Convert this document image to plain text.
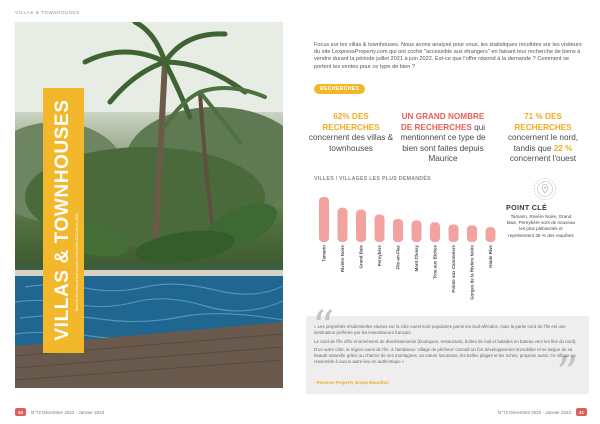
VILLAS & TOWNHOUSES
VILLAS & TOWNHOUSES Marché des villas & townhouses entre juillet 2021 et juin 2022
40	N°72 Décembre 2022 - Janvier 2023

Focus sur les villas & townhouses. Nous avons analysé pour vous, les statistiques recoltées sur les visiteurs du site LexpressProperty.com qui ont coché "accessible aux étrangers" en faisant leur recherche de biens à vendre durant la période juillet 2021 à juin 2022. Est-ce que l'offre répond à la demande ? Comment se portent les ventes pour ce type de bien ?

RECHERCHES
62% DES RECHERCHES
concernent des villas & townhouses
UN GRAND NOMBRE DE RECHERCHES qui mentionnent ce type de bien sont faites depuis Maurice
71 % DES RECHERCHES
concernent le nord, tandis que 22 % concernent l'ouest
VILLES / VILLAGES LES PLUS DEMANDÉS
Tamarin	Rivière Noire	Grand Baie	Pereybère	Flic-en-Flac	Mont Choisy	Trou aux Biches	Pointe aux Canonniers	Gorges de la Rivière Noire	Haute Rive
POINT CLÉ

Tamarin, Rivière Noire, Grand Baie, Pereybère sont de nouveau les plus plébiscités et représentent 35 % des requêtes

“
”

« Les propriétés résidentielles situées sur la côte ouest sont populaires parmi les Sud-africains, mais la partie nord de l'île est une destination préférée par les investisseurs français.

Le nord de l'île offre énormément de divertissements (boutiques, restaurants, boîtes de nuit et balades en bateau vers les îles du nord).

D'un autre côté, la région ouest de l'île, à l'ambiance 'village de pêcheur' connaît un fort développement immobilier et se targue de sa beauté naturelle grâce au charme de ses montagnes, sa nature luxuriante, les belles plages et les riches, propices aussi. Ce village ne ressemble à aucun autre lieu en authentique »

- Ravenor Property Group Mauritius
N°72 Décembre 2022 - Janvier 2023	41
